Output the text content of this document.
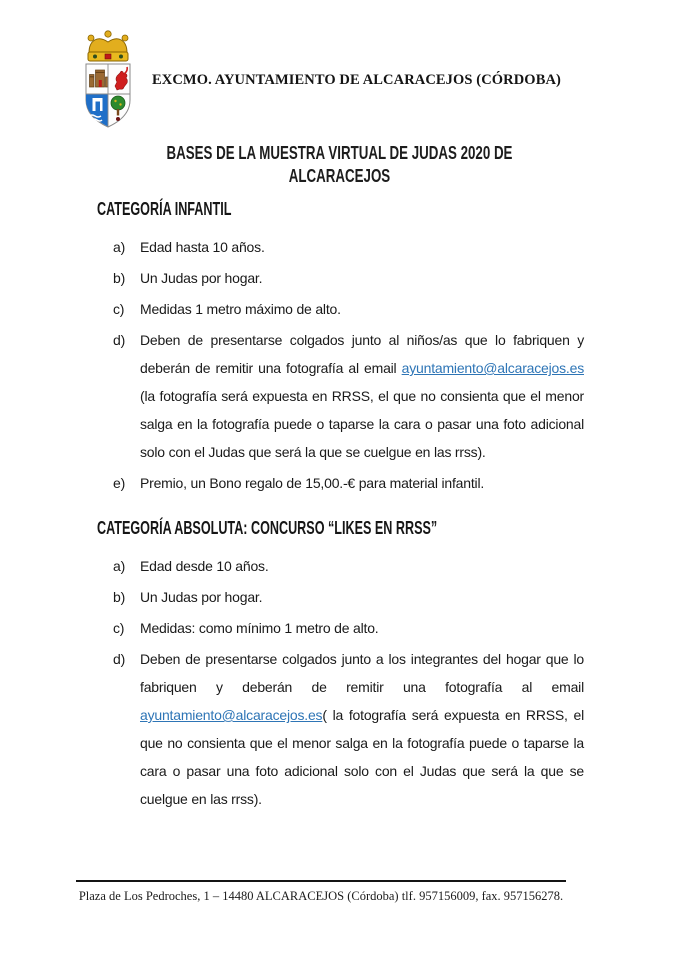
EXCMO. AYUNTAMIENTO DE ALCARACEJOS (CÓRDOBA)
BASES DE LA MUESTRA VIRTUAL DE JUDAS 2020 DE
ALCARACEJOS
CATEGORÍA INFANTIL
a)	Edad hasta 10 años.
b)	Un Judas por hogar.
c)	Medidas 1 metro máximo de alto.
d)	Deben de presentarse colgados junto al niños/as que lo fabriquen y deberán de remitir una fotografía al email ayuntamiento@alcaracejos.es (la fotografía será expuesta en RRSS, el que no consienta que el menor salga en la fotografía puede o taparse la cara o pasar una foto adicional solo con el Judas que será la que se cuelgue en las rrss).
e)	Premio, un Bono regalo de 15,00.-€ para material infantil.
CATEGORÍA ABSOLUTA: CONCURSO “LIKES EN RRSS”
a)	Edad desde 10 años.
b)	Un Judas por hogar.
c)	Medidas: como mínimo 1 metro de alto.
d)	Deben de presentarse colgados junto a los integrantes del hogar que lo fabriquen y deberán de remitir una fotografía al email ayuntamiento@alcaracejos.es( la fotografía será expuesta en RRSS, el que no consienta que el menor salga en la fotografía puede o taparse la cara o pasar una foto adicional solo con el Judas que será la que se cuelgue en las rrss).
Plaza de Los Pedroches, 1 – 14480 ALCARACEJOS (Córdoba) tlf. 957156009, fax. 957156278.
